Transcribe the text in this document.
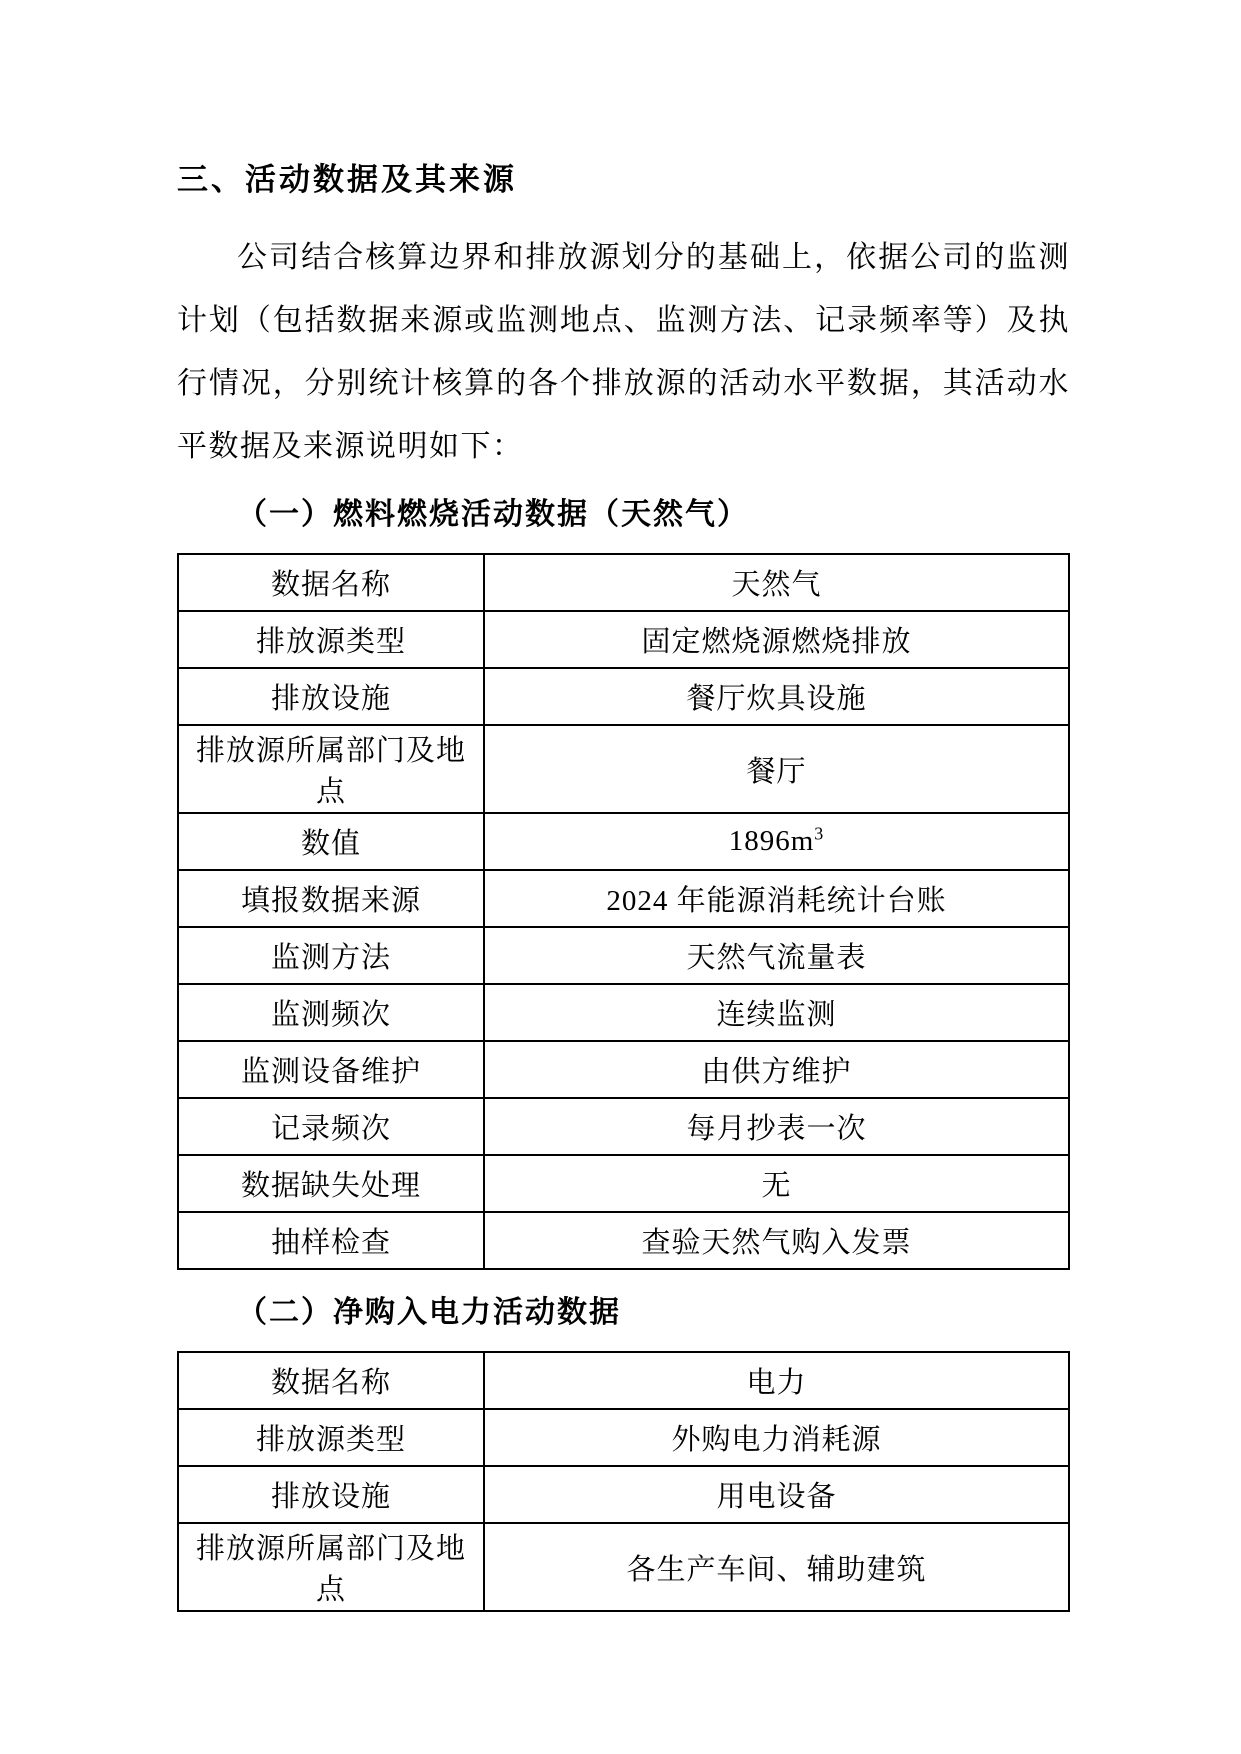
三、活动数据及其来源

公司结合核算边界和排放源划分的基础上，依据公司的监测计划（包括数据来源或监测地点、监测方法、记录频率等）及执行情况，分别统计核算的各个排放源的活动水平数据，其活动水平数据及来源说明如下：

（一）燃料燃烧活动数据（天然气）
数据名称	天然气
排放源类型	固定燃烧源燃烧排放
排放设施	餐厅炊具设施
排放源所属部门及地点	餐厅
数值	$1896m^3$
填报数据来源	2024 年能源消耗统计台账
监测方法	天然气流量表
监测频次	连续监测
监测设备维护	由供方维护
记录频次	每月抄表一次
数据缺失处理	无
抽样检查	查验天然气购入发票
（二）净购入电力活动数据
数据名称	电力
排放源类型	外购电力消耗源
排放设施	用电设备
排放源所属部门及地点	各生产车间、辅助建筑
